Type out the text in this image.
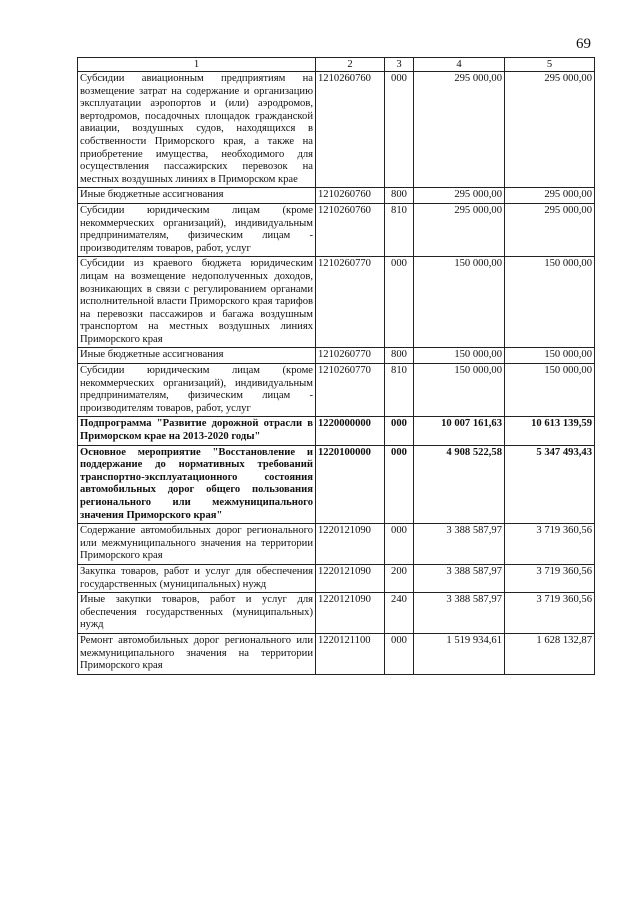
69
1	2	3	4	5
Субсидии авиационным предприятиям на возмещение затрат на содержание и организацию эксплуатации аэропортов и (или) аэродромов, вертодромов, посадочных площадок гражданской авиации, воздушных судов, находящихся в собственности Приморского края, а также на приобретение имущества, необходимого для осуществления пассажирских перевозок на местных воздушных линиях в Приморском крае	1210260760	000	295 000,00	295 000,00
Иные бюджетные ассигнования	1210260760	800	295 000,00	295 000,00
Субсидии юридическим лицам (кроме некоммерческих организаций), индивидуальным предпринимателям, физическим лицам - производителям товаров, работ, услуг	1210260760	810	295 000,00	295 000,00
Субсидии из краевого бюджета юридическим лицам на возмещение недополученных доходов, возникающих в связи с регулированием органами исполнительной власти Приморского края тарифов на перевозки пассажиров и багажа воздушным транспортом на местных воздушных линиях Приморского края	1210260770	000	150 000,00	150 000,00
Иные бюджетные ассигнования	1210260770	800	150 000,00	150 000,00
Субсидии юридическим лицам (кроме некоммерческих организаций), индивидуальным предпринимателям, физическим лицам - производителям товаров, работ, услуг	1210260770	810	150 000,00	150 000,00
Подпрограмма "Развитие дорожной отрасли в Приморском крае на 2013-2020 годы"	1220000000	000	10 007 161,63	10 613 139,59
Основное мероприятие "Восстановление и поддержание до нормативных требований транспортно-эксплуатационного состояния автомобильных дорог общего пользования регионального или межмуниципального значения Приморского края"	1220100000	000	4 908 522,58	5 347 493,43
Содержание автомобильных дорог регионального или межмуниципального значения на территории Приморского края	1220121090	000	3 388 587,97	3 719 360,56
Закупка товаров, работ и услуг для обеспечения государственных (муниципальных) нужд	1220121090	200	3 388 587,97	3 719 360,56
Иные закупки товаров, работ и услуг для обеспечения государственных (муниципальных) нужд	1220121090	240	3 388 587,97	3 719 360,56
Ремонт автомобильных дорог регионального или межмуниципального значения на территории Приморского края	1220121100	000	1 519 934,61	1 628 132,87
